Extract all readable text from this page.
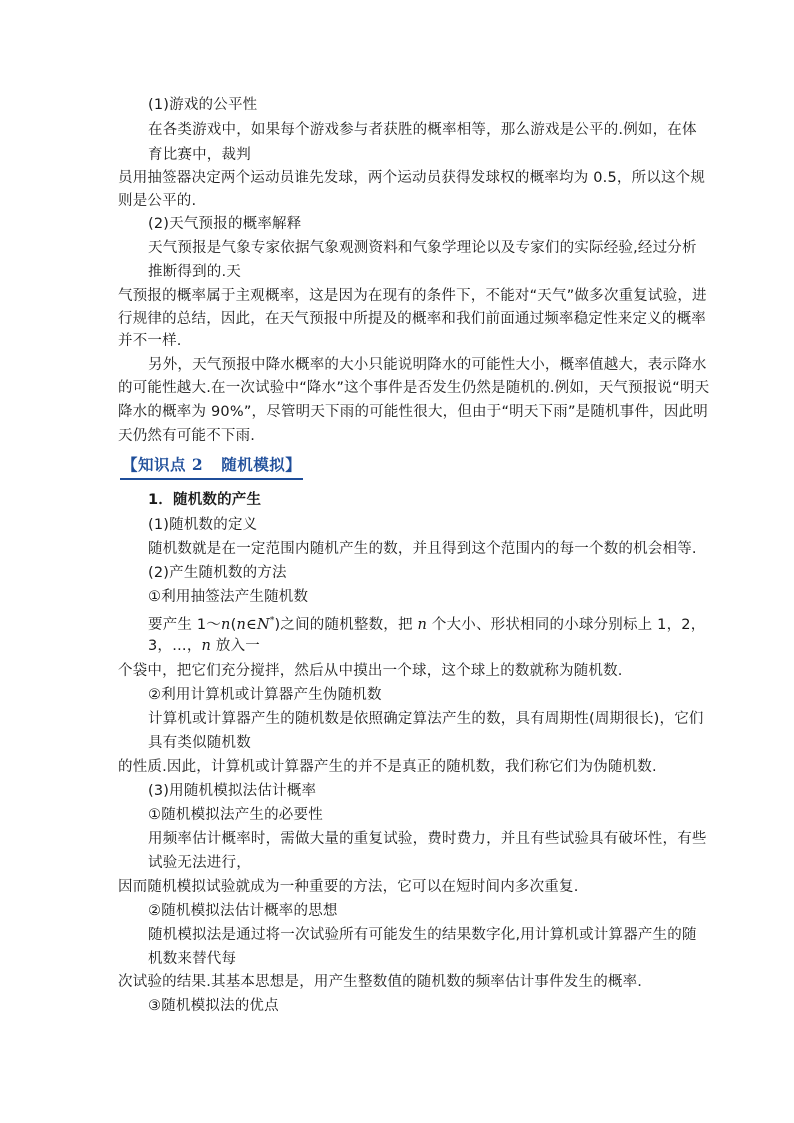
(1)游戏的公平性
在各类游戏中，如果每个游戏参与者获胜的概率相等，那么游戏是公平的.例如，在体
育比赛中，裁判
员用抽签器决定两个运动员谁先发球，两个运动员获得发球权的概率均为 0.5，所以这个规
则是公平的.
(2)天气预报的概率解释
天气预报是气象专家依据气象观测资料和气象学理论以及专家们的实际经验,经过分析
推断得到的.天
气预报的概率属于主观概率，这是因为在现有的条件下，不能对“天气”做多次重复试验，进
行规律的总结，因此，在天气预报中所提及的概率和我们前面通过频率稳定性来定义的概率
并不一样.
另外，天气预报中降水概率的大小只能说明降水的可能性大小，概率值越大，表示降水
的可能性越大.在一次试验中“降水”这个事件是否发生仍然是随机的.例如，天气预报说“明天
降水的概率为 90%”，尽管明天下雨的可能性很大，但由于“明天下雨”是随机事件，因此明
天仍然有可能不下雨.
【知识点 2 随机模拟】
1．随机数的产生
(1)随机数的定义
随机数就是在一定范围内随机产生的数，并且得到这个范围内的每一个数的机会相等.
(2)产生随机数的方法
①利用抽签法产生随机数
要产生 1～n(n∈N*)之间的随机整数，把 n 个大小、形状相同的小球分别标上 1，2，
3，…，n 放入一
个袋中，把它们充分搅拌，然后从中摸出一个球，这个球上的数就称为随机数.
②利用计算机或计算器产生伪随机数
计算机或计算器产生的随机数是依照确定算法产生的数，具有周期性(周期很长)，它们
具有类似随机数
的性质.因此，计算机或计算器产生的并不是真正的随机数，我们称它们为伪随机数.
(3)用随机模拟法估计概率
①随机模拟法产生的必要性
用频率估计概率时，需做大量的重复试验，费时费力，并且有些试验具有破坏性，有些
试验无法进行，
因而随机模拟试验就成为一种重要的方法，它可以在短时间内多次重复.
②随机模拟法估计概率的思想
随机模拟法是通过将一次试验所有可能发生的结果数字化,用计算机或计算器产生的随
机数来替代每
次试验的结果.其基本思想是，用产生整数值的随机数的频率估计事件发生的概率.
③随机模拟法的优点
